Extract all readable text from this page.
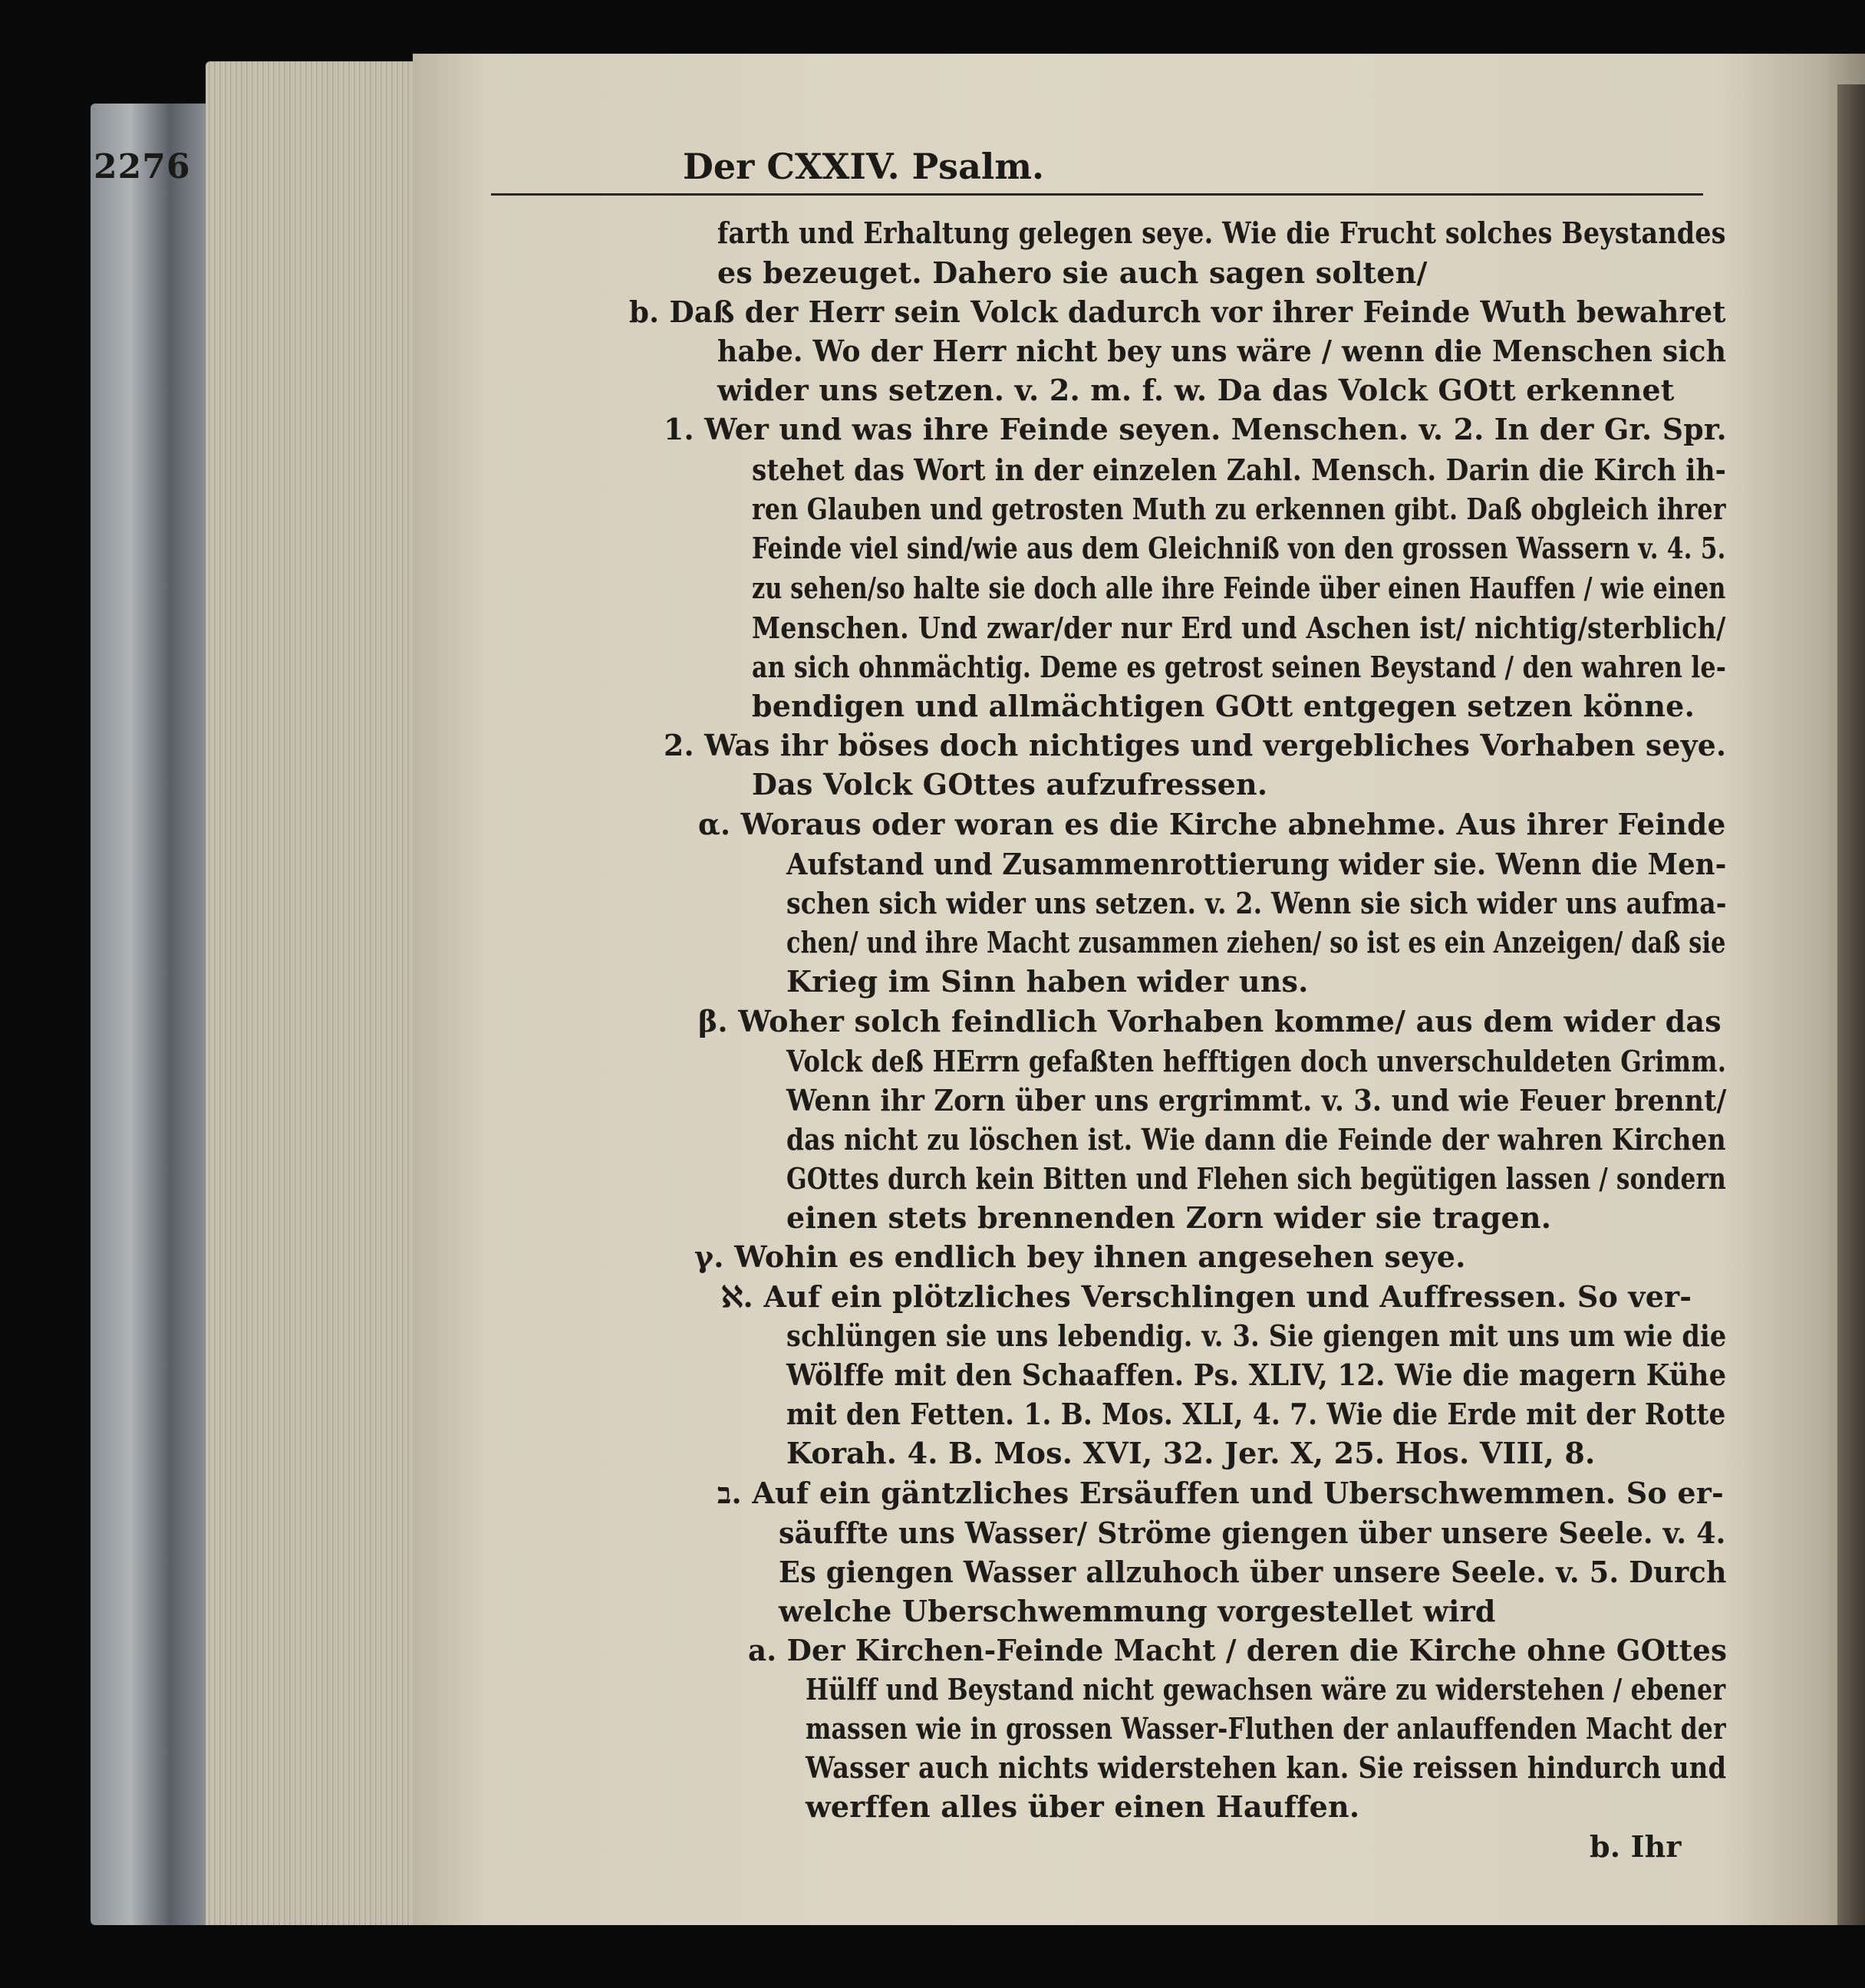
2276	Der CXXIV. Psalm.
farth und Erhaltung gelegen seye. Wie die Frucht solches Beystandes
es bezeuget. Dahero sie auch sagen solten/
b. Daß der Herr sein Volck dadurch vor ihrer Feinde Wuth bewahret
habe. Wo der Herr nicht bey uns wäre / wenn die Menschen sich
wider uns setzen. v. 2. m. f. w. Da das Volck GOtt erkennet
1. Wer und was ihre Feinde seyen. Menschen. v. 2. In der Gr. Spr.
stehet das Wort in der einzelen Zahl. Mensch. Darin die Kirch ih-
ren Glauben und getrosten Muth zu erkennen gibt. Daß obgleich ihrer
Feinde viel sind/wie aus dem Gleichniß von den grossen Wassern v. 4. 5.
zu sehen/so halte sie doch alle ihre Feinde über einen Hauffen / wie einen
Menschen. Und zwar/der nur Erd und Aschen ist/ nichtig/sterblich/
an sich ohnmächtig. Deme es getrost seinen Beystand / den wahren le-
bendigen und allmächtigen GOtt entgegen setzen könne.
2. Was ihr böses doch nichtiges und vergebliches Vorhaben seye.
Das Volck GOttes aufzufressen.
α. Woraus oder woran es die Kirche abnehme. Aus ihrer Feinde
Aufstand und Zusammenrottierung wider sie. Wenn die Men-
schen sich wider uns setzen. v. 2. Wenn sie sich wider uns aufma-
chen/ und ihre Macht zusammen ziehen/ so ist es ein Anzeigen/ daß sie
Krieg im Sinn haben wider uns.
β. Woher solch feindlich Vorhaben komme/ aus dem wider das
Volck deß HErrn gefaßten hefftigen doch unverschuldeten Grimm.
Wenn ihr Zorn über uns ergrimmt. v. 3. und wie Feuer brennt/
das nicht zu löschen ist. Wie dann die Feinde der wahren Kirchen
GOttes durch kein Bitten und Flehen sich begütigen lassen / sondern
einen stets brennenden Zorn wider sie tragen.
γ. Wohin es endlich bey ihnen angesehen seye.
ℵ. Auf ein plötzliches Verschlingen und Auffressen. So ver-
schlüngen sie uns lebendig. v. 3. Sie giengen mit uns um wie die
Wölffe mit den Schaaffen. Ps. XLIV, 12. Wie die magern Kühe
mit den Fetten. 1. B. Mos. XLI, 4. 7. Wie die Erde mit der Rotte
Korah. 4. B. Mos. XVI, 32. Jer. X, 25. Hos. VIII, 8.
ב. Auf ein gäntzliches Ersäuffen und Uberschwemmen. So er-
säuffte uns Wasser/ Ströme giengen über unsere Seele. v. 4.
Es giengen Wasser allzuhoch über unsere Seele. v. 5. Durch
welche Uberschwemmung vorgestellet wird
a. Der Kirchen-Feinde Macht / deren die Kirche ohne GOttes
Hülff und Beystand nicht gewachsen wäre zu widerstehen / ebener
massen wie in grossen Wasser-Fluthen der anlauffenden Macht der
Wasser auch nichts widerstehen kan. Sie reissen hindurch und
werffen alles über einen Hauffen.
b. Ihr
